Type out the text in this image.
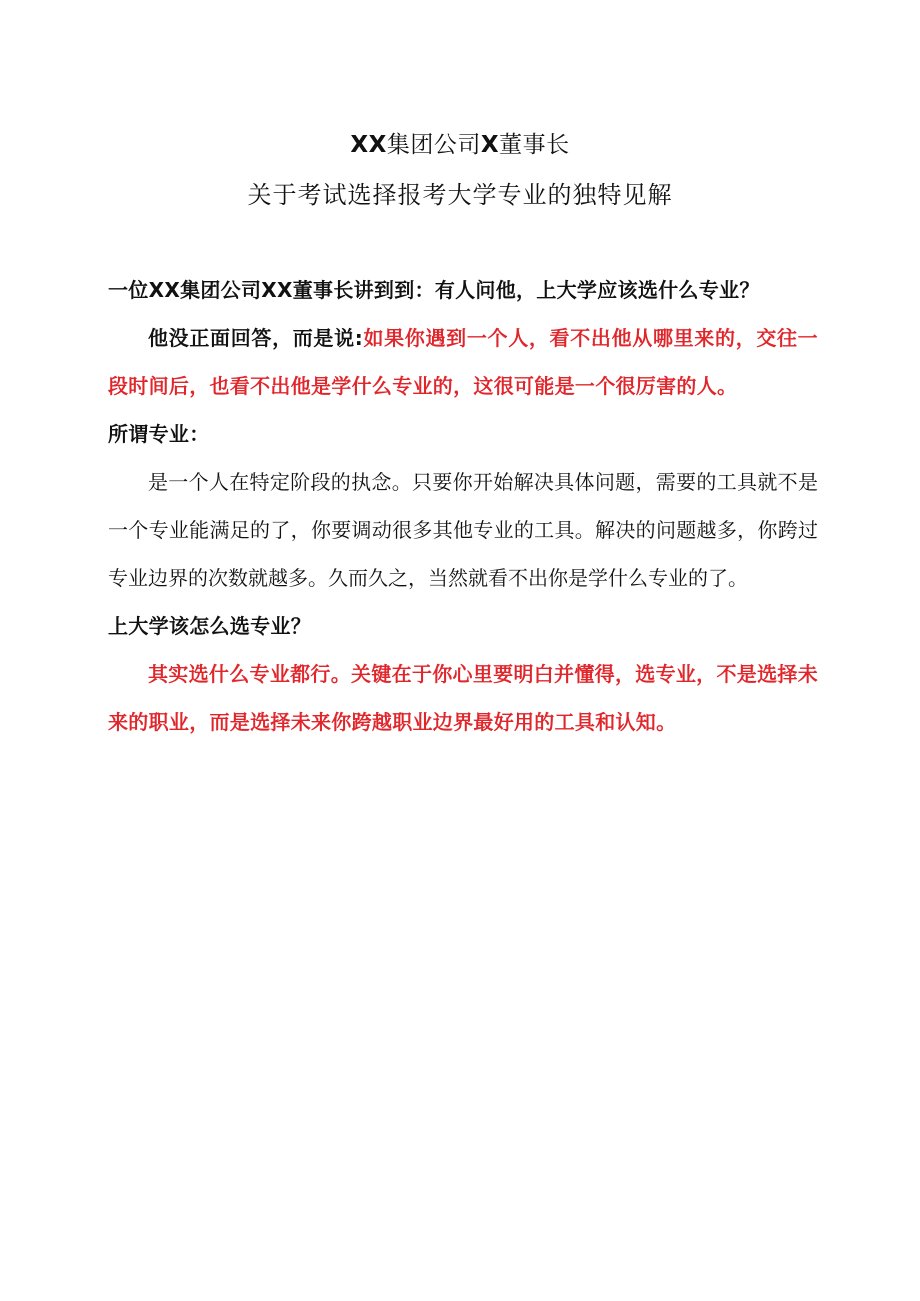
XX集团公司X董事长
关于考试选择报考大学专业的独特见解

一位XX集团公司XX董事长讲到到：有人问他，上大学应该选什么专业？

他没正面回答，而是说:如果你遇到一个人，看不出他从哪里来的，交往一段时间后，也看不出他是学什么专业的，这很可能是一个很厉害的人。

所谓专业：

是一个人在特定阶段的执念。只要你开始解决具体问题，需要的工具就不是一个专业能满足的了，你要调动很多其他专业的工具。解决的问题越多，你跨过专业边界的次数就越多。久而久之，当然就看不出你是学什么专业的了。

上大学该怎么选专业？

其实选什么专业都行。关键在于你心里要明白并懂得，选专业，不是选择未来的职业，而是选择未来你跨越职业边界最好用的工具和认知。
